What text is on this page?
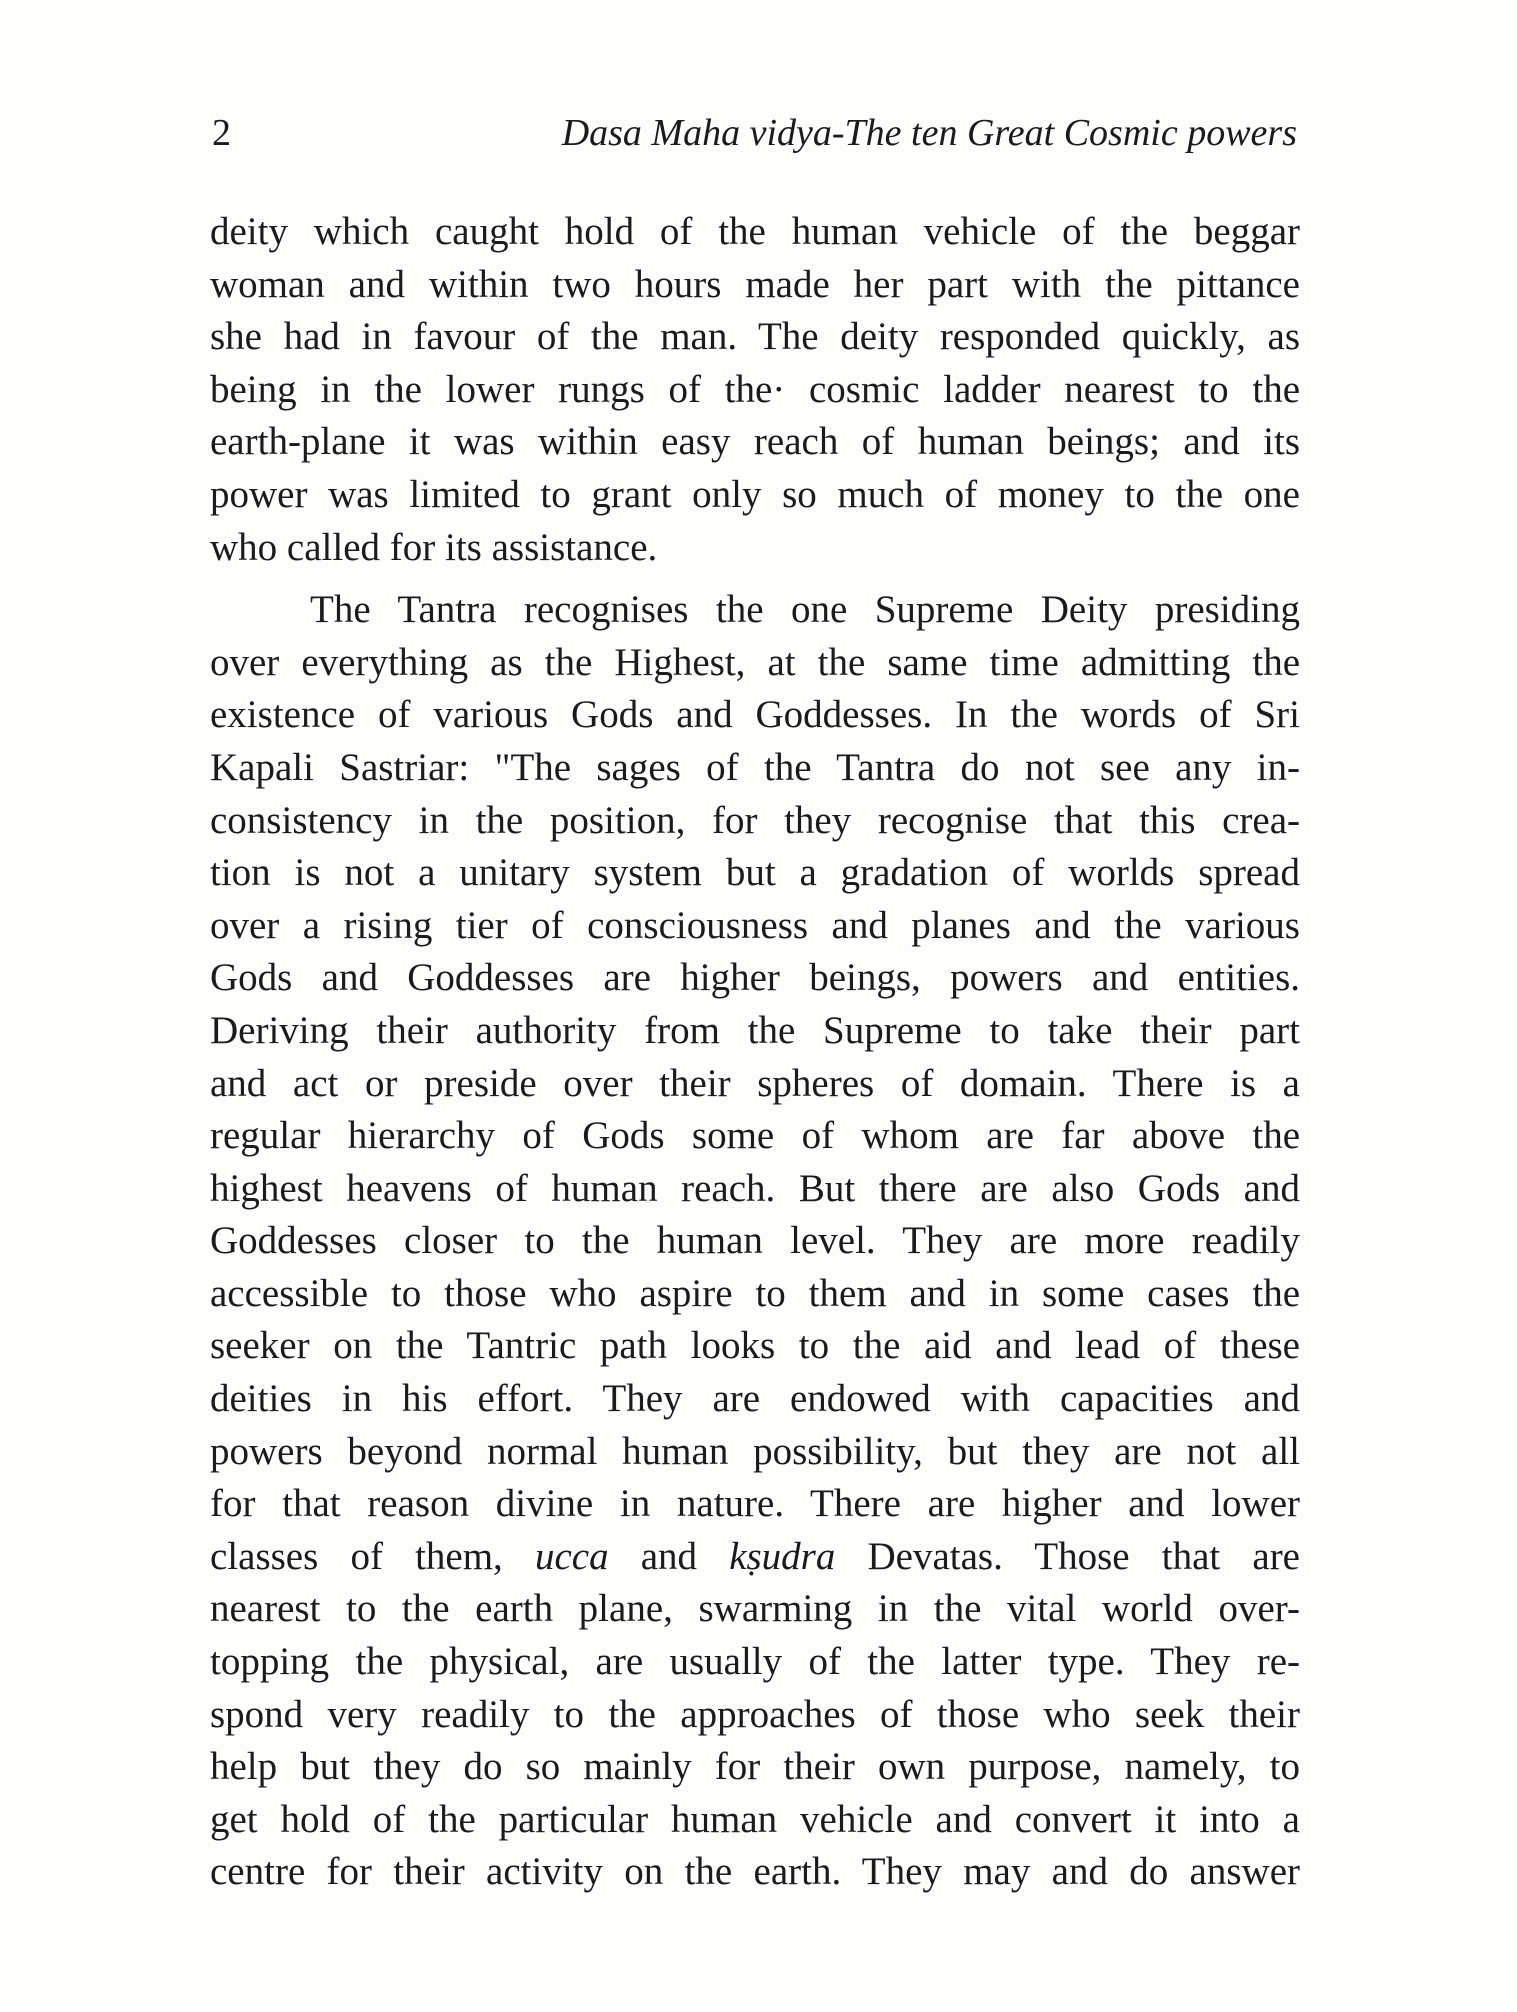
2	Dasa Maha vidya-The ten Great Cosmic powers

deity which caught hold of the human vehicle of the beggar
woman and within two hours made her part with the pittance
she had in favour of the man. The deity responded quickly, as
being in the lower rungs of the· cosmic ladder nearest to the
earth-plane it was within easy reach of human beings; and its
power was limited to grant only so much of money to the one
who called for its assistance.

The Tantra recognises the one Supreme Deity presiding
over everything as the Highest, at the same time admitting the
existence of various Gods and Goddesses. In the words of Sri
Kapali Sastriar: "The sages of the Tantra do not see any in-
consistency in the position, for they recognise that this crea-
tion is not a unitary system but a gradation of worlds spread
over a rising tier of consciousness and planes and the various
Gods and Goddesses are higher beings, powers and entities.
Deriving their authority from the Supreme to take their part
and act or preside over their spheres of domain. There is a
regular hierarchy of Gods some of whom are far above the
highest heavens of human reach. But there are also Gods and
Goddesses closer to the human level. They are more readily
accessible to those who aspire to them and in some cases the
seeker on the Tantric path looks to the aid and lead of these
deities in his effort. They are endowed with capacities and
powers beyond normal human possibility, but they are not all
for that reason divine in nature. There are higher and lower
classes of them, ucca and kṣudra Devatas. Those that are
nearest to the earth plane, swarming in the vital world over-
topping the physical, are usually of the latter type. They re-
spond very readily to the approaches of those who seek their
help but they do so mainly for their own purpose, namely, to
get hold of the particular human vehicle and convert it into a
centre for their activity on the earth. They may and do answer
